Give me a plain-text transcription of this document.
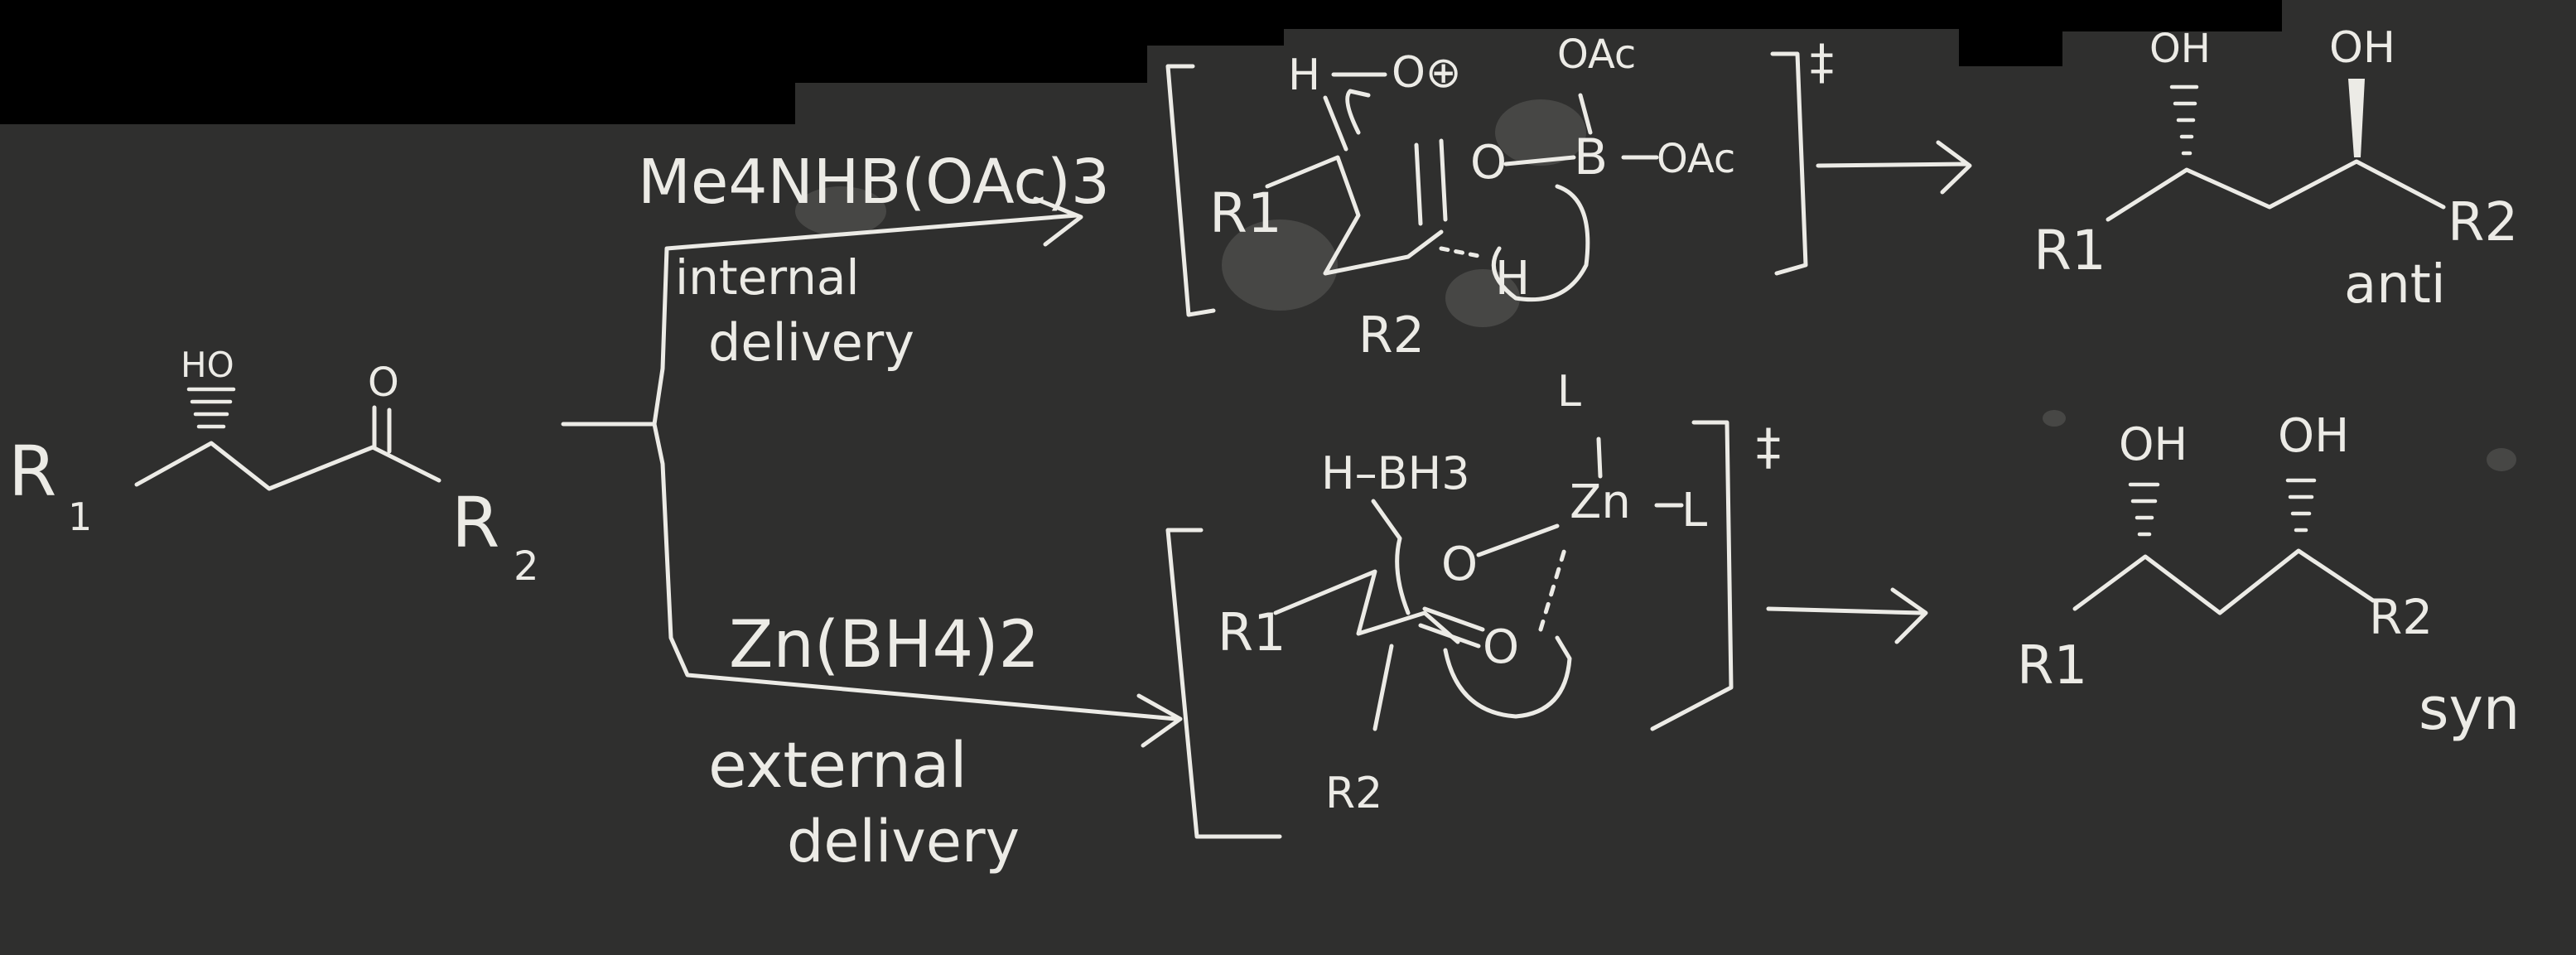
R
1
HO	O
R
2
Me4NHB(OAc)3
internal
delivery
‡
H O⊕ OAc
R1
O B OAc
H
R2
OH	OH
R1	R2
anti
Zn(BH4)2
external
delivery
‡
H–BH3
L
Zn L
O
R1	O
R2
OH OH
R1
R2
syn
